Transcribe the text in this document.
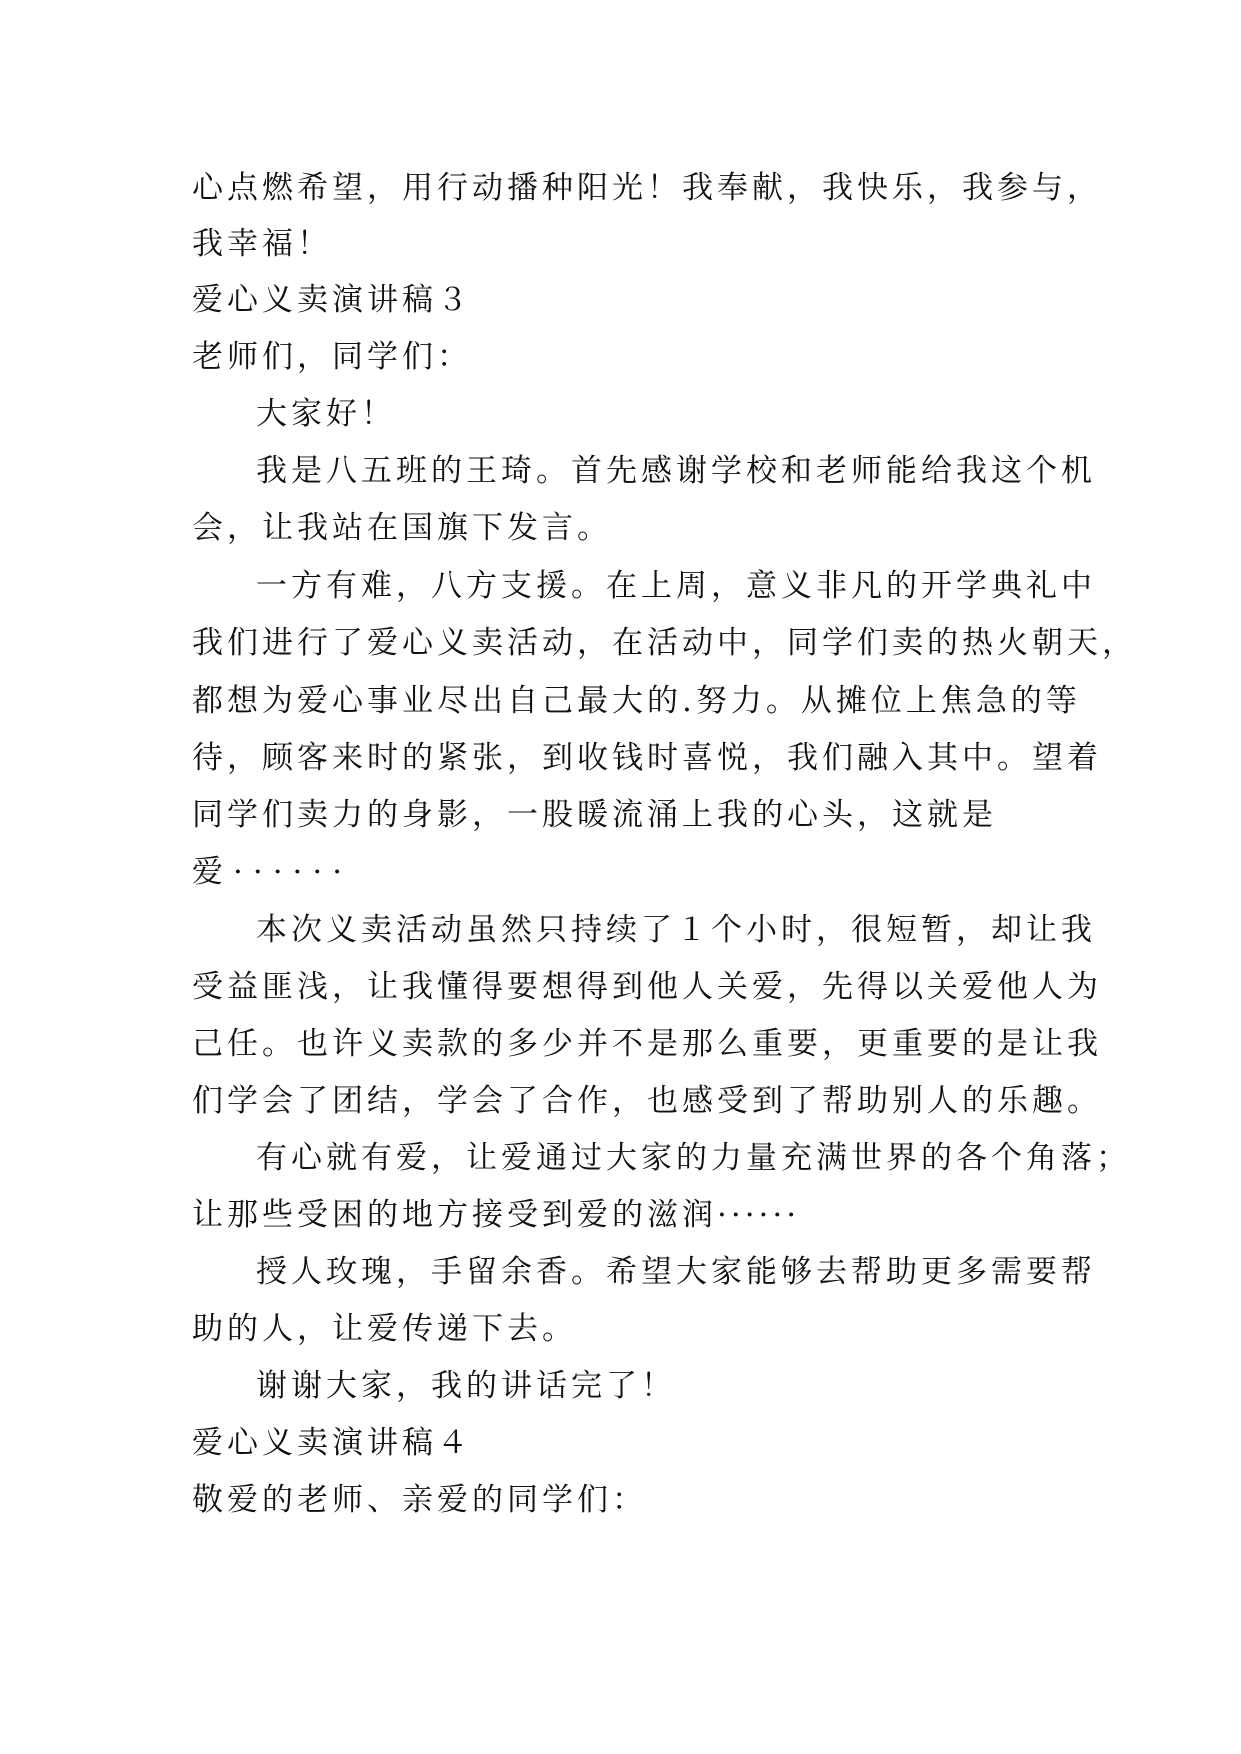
心点燃希望，用行动播种阳光！我奉献，我快乐，我参与，
我幸福！
爱心义卖演讲稿３
老师们，同学们：
大家好！
我是八五班的王琦。首先感谢学校和老师能给我这个机
会，让我站在国旗下发言。
一方有难，八方支援。在上周，意义非凡的开学典礼中
我们进行了爱心义卖活动，在活动中，同学们卖的热火朝天，
都想为爱心事业尽出自己最大的.努力。从摊位上焦急的等
待，顾客来时的紧张，到收钱时喜悦，我们融入其中。望着
同学们卖力的身影，一股暖流涌上我的心头，这就是
爱······
本次义卖活动虽然只持续了１个小时，很短暂，却让我
受益匪浅，让我懂得要想得到他人关爱，先得以关爱他人为
己任。也许义卖款的多少并不是那么重要，更重要的是让我
们学会了团结，学会了合作，也感受到了帮助别人的乐趣。
有心就有爱，让爱通过大家的力量充满世界的各个角落；
让那些受困的地方接受到爱的滋润······
授人玫瑰，手留余香。希望大家能够去帮助更多需要帮
助的人，让爱传递下去。
谢谢大家，我的讲话完了！
爱心义卖演讲稿４
敬爱的老师、亲爱的同学们：
